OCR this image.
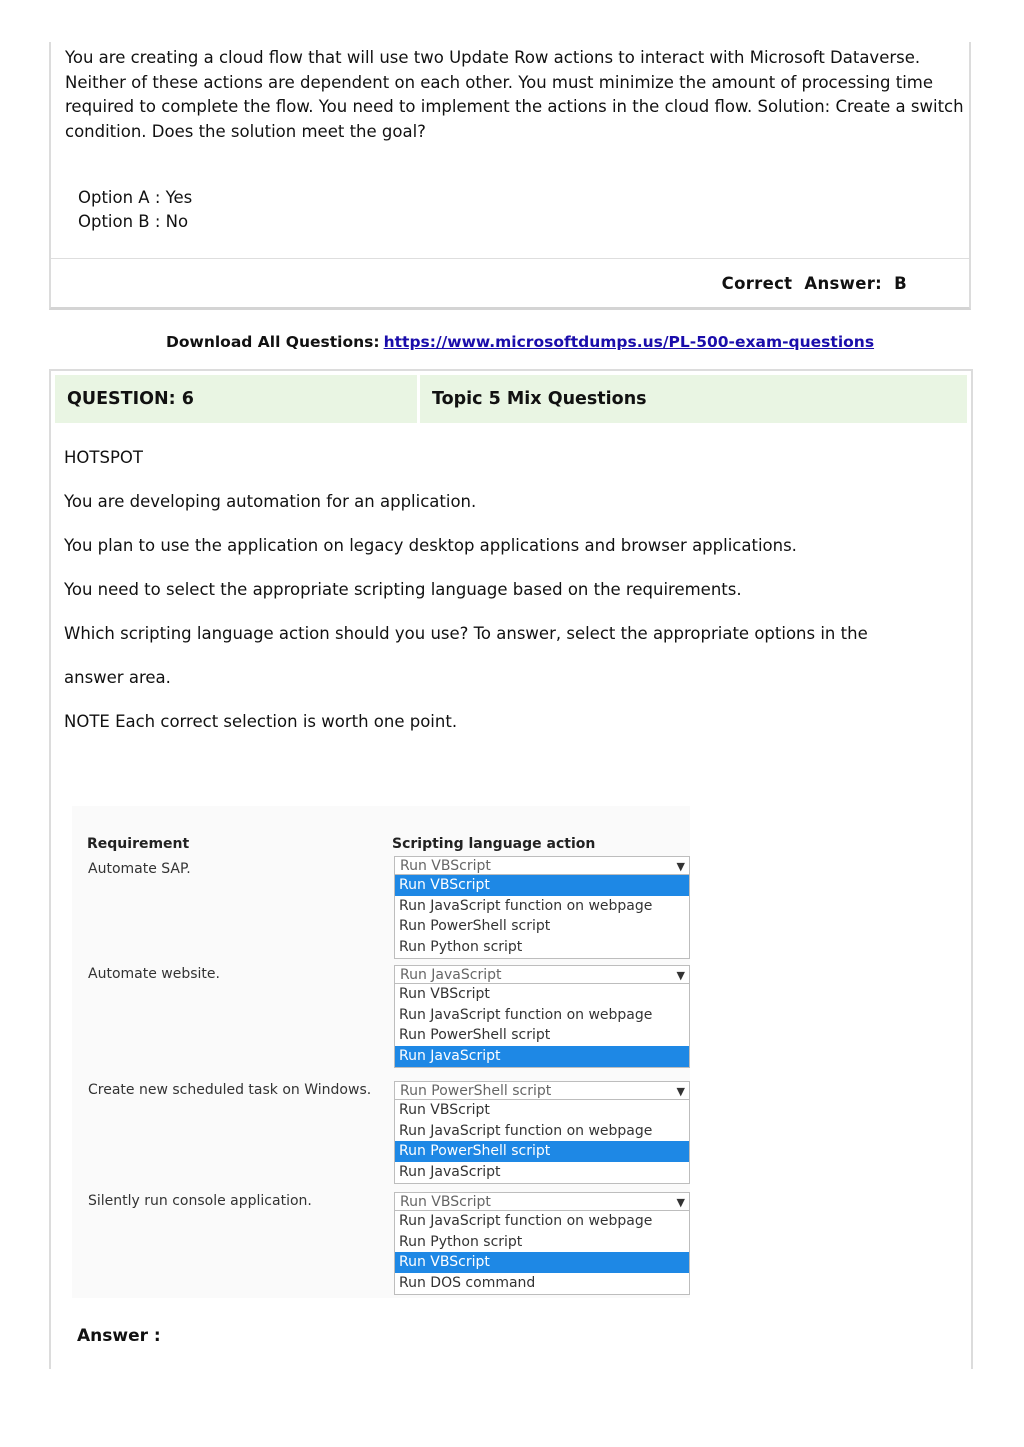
You are creating a cloud flow that will use two Update Row actions to interact with Microsoft Dataverse. Neither of these actions are dependent on each other. You must minimize the amount of processing time required to complete the flow. You need to implement the actions in the cloud flow. Solution: Create a switch condition. Does the solution meet the goal?

Option A : Yes
Option B : No
Correct  Answer:  B
Download All Questions: https://www.microsoftdumps.us/PL-500-exam-questions
QUESTION: 6	Topic 5 Mix Questions

HOTSPOT

You are developing automation for an application.

You plan to use the application on legacy desktop applications and browser applications.

You need to select the appropriate scripting language based on the requirements.

Which scripting language action should you use? To answer, select the appropriate options in the

answer area.

NOTE Each correct selection is worth one point.

Requirement	Scripting language action
Automate SAP.	Run VBScript	▼
Run VBScript
Run JavaScript function on webpage
Run PowerShell script
Run Python script
Automate website.	Run JavaScript	▼
Run VBScript
Run JavaScript function on webpage
Run PowerShell script
Run JavaScript
Create new scheduled task on Windows.	Run PowerShell script	▼
Run VBScript
Run JavaScript function on webpage
Run PowerShell script
Run JavaScript
Silently run console application.	Run VBScript	▼
Run JavaScript function on webpage
Run Python script
Run VBScript
Run DOS command
Answer :
